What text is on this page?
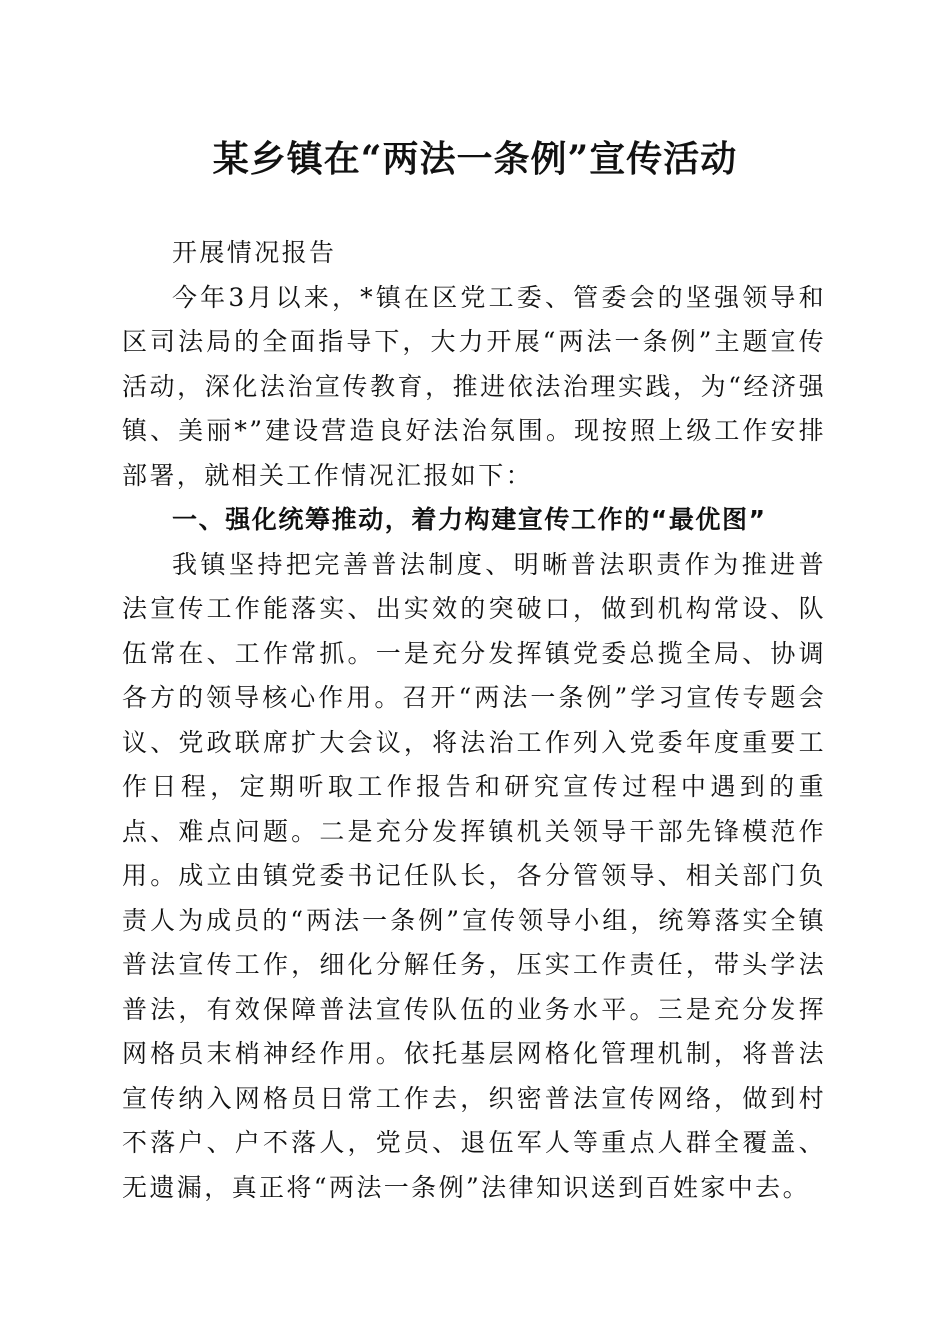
某乡镇在“两法一条例”宣传活动

开展情况报告

今年3月以来，*镇在区党工委、管委会的坚强领导和区司法局的全面指导下，大力开展“两法一条例”主题宣传活动，深化法治宣传教育，推进依法治理实践，为“经济强镇、美丽*”建设营造良好法治氛围。现按照上级工作安排部署，就相关工作情况汇报如下：

一、强化统筹推动，着力构建宣传工作的“最优图”

我镇坚持把完善普法制度、明晰普法职责作为推进普法宣传工作能落实、出实效的突破口，做到机构常设、队伍常在、工作常抓。一是充分发挥镇党委总揽全局、协调各方的领导核心作用。召开“两法一条例”学习宣传专题会议、党政联席扩大会议，将法治工作列入党委年度重要工作日程，定期听取工作报告和研究宣传过程中遇到的重点、难点问题。二是充分发挥镇机关领导干部先锋模范作用。成立由镇党委书记任队长，各分管领导、相关部门负责人为成员的“两法一条例”宣传领导小组，统筹落实全镇普法宣传工作，细化分解任务，压实工作责任，带头学法普法，有效保障普法宣传队伍的业务水平。三是充分发挥网格员末梢神经作用。依托基层网格化管理机制，将普法宣传纳入网格员日常工作去，织密普法宣传网络，做到村不落户、户不落人，党员、退伍军人等重点人群全覆盖、无遗漏，真正将“两法一条例”法律知识送到百姓家中去。
